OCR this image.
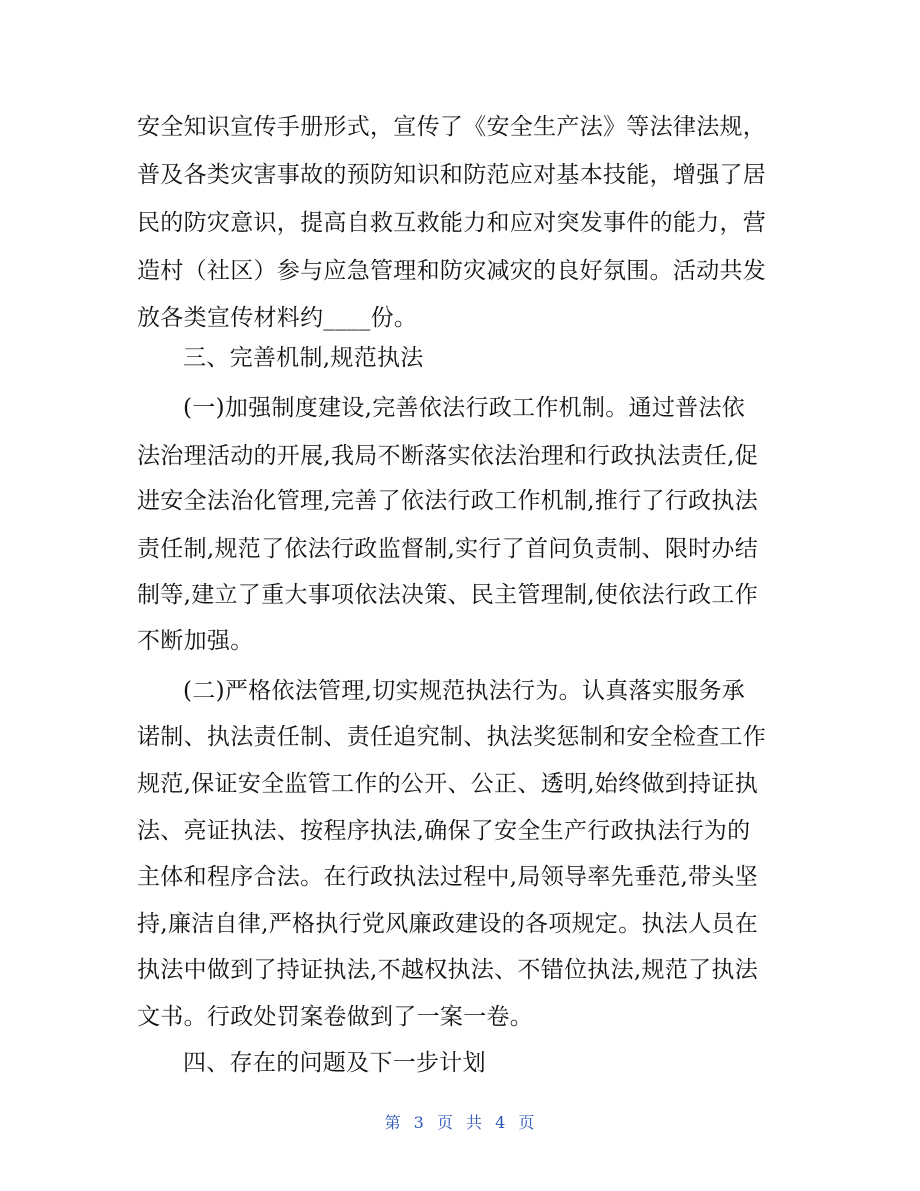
安全知识宣传手册形式，宣传了《安全生产法》等法律法规，
普及各类灾害事故的预防知识和防范应对基本技能，增强了居
民的防灾意识，提高自救互救能力和应对突发事件的能力，营
造村（社区）参与应急管理和防灾减灾的良好氛围。活动共发
放各类宣传材料约____份。
三、完善机制,规范执法
(一)加强制度建设,完善依法行政工作机制。通过普法依
法治理活动的开展,我局不断落实依法治理和行政执法责任,促
进安全法治化管理,完善了依法行政工作机制,推行了行政执法
责任制,规范了依法行政监督制,实行了首问负责制、限时办结
制等,建立了重大事项依法决策、民主管理制,使依法行政工作
不断加强。
(二)严格依法管理,切实规范执法行为。认真落实服务承
诺制、执法责任制、责任追究制、执法奖惩制和安全检查工作
规范,保证安全监管工作的公开、公正、透明,始终做到持证执
法、亮证执法、按程序执法,确保了安全生产行政执法行为的
主体和程序合法。在行政执法过程中,局领导率先垂范,带头坚
持,廉洁自律,严格执行党风廉政建设的各项规定。执法人员在
执法中做到了持证执法,不越权执法、不错位执法,规范了执法
文书。行政处罚案卷做到了一案一卷。
四、存在的问题及下一步计划
第 3 页 共 4 页
